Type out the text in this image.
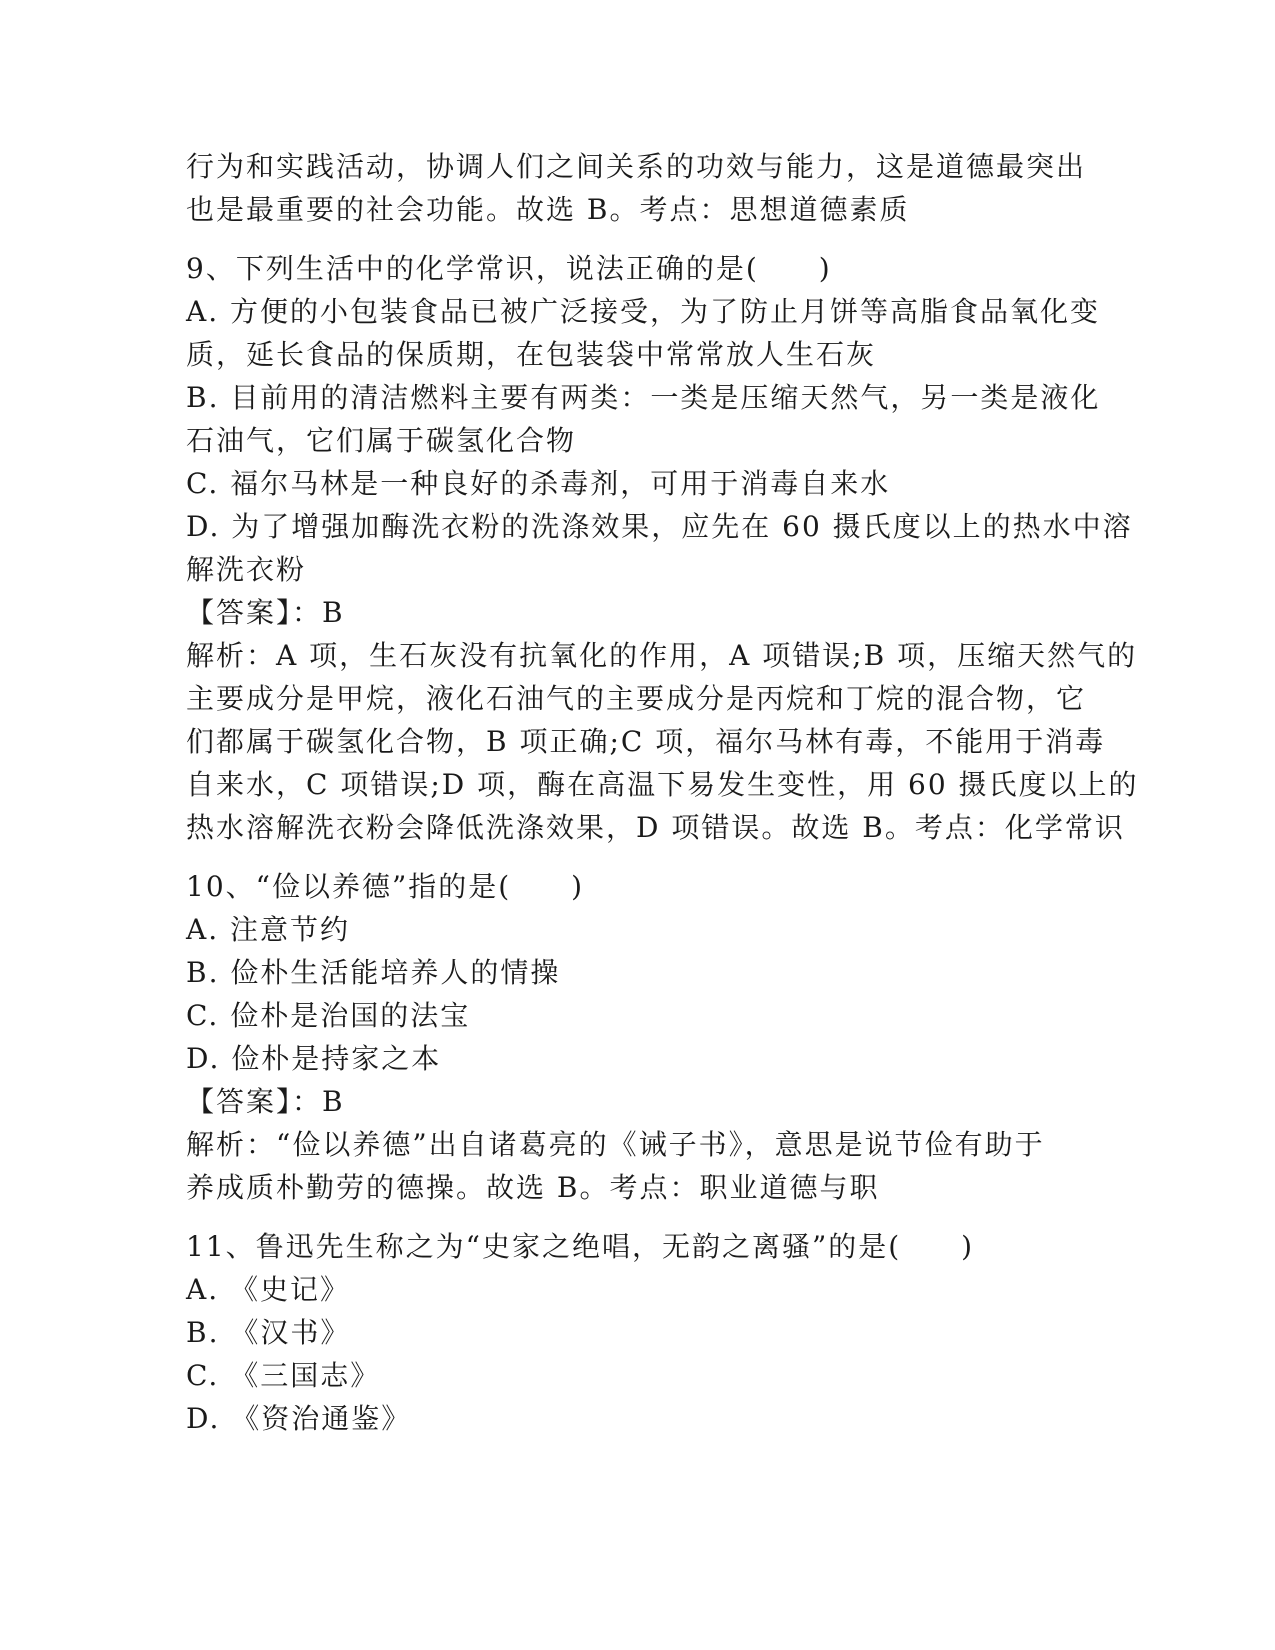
行为和实践活动，协调人们之间关系的功效与能力，这是道德最突出
也是最重要的社会功能。故选 B。考点：思想道德素质
9、下列生活中的化学常识，说法正确的是(　　)
A. 方便的小包装食品已被广泛接受，为了防止月饼等高脂食品氧化变
质，延长食品的保质期，在包装袋中常常放人生石灰
B. 目前用的清洁燃料主要有两类：一类是压缩天然气，另一类是液化
石油气，它们属于碳氢化合物
C. 福尔马林是一种良好的杀毒剂，可用于消毒自来水
D. 为了增强加酶洗衣粉的洗涤效果，应先在 60 摄氏度以上的热水中溶
解洗衣粉
【答案】：B
解析：A 项，生石灰没有抗氧化的作用，A 项错误;B 项，压缩天然气的
主要成分是甲烷，液化石油气的主要成分是丙烷和丁烷的混合物，它
们都属于碳氢化合物，B 项正确;C 项，福尔马林有毒，不能用于消毒
自来水，C 项错误;D 项，酶在高温下易发生变性，用 60 摄氏度以上的
热水溶解洗衣粉会降低洗涤效果，D 项错误。故选 B。考点：化学常识
10、“俭以养德”指的是(　　)
A. 注意节约
B. 俭朴生活能培养人的情操
C. 俭朴是治国的法宝
D. 俭朴是持家之本
【答案】：B
解析：“俭以养德”出自诸葛亮的《诫子书》，意思是说节俭有助于
养成质朴勤劳的德操。故选 B。考点：职业道德与职
11、鲁迅先生称之为“史家之绝唱，无韵之离骚”的是(　　)
A. 《史记》
B. 《汉书》
C. 《三国志》
D. 《资治通鉴》
